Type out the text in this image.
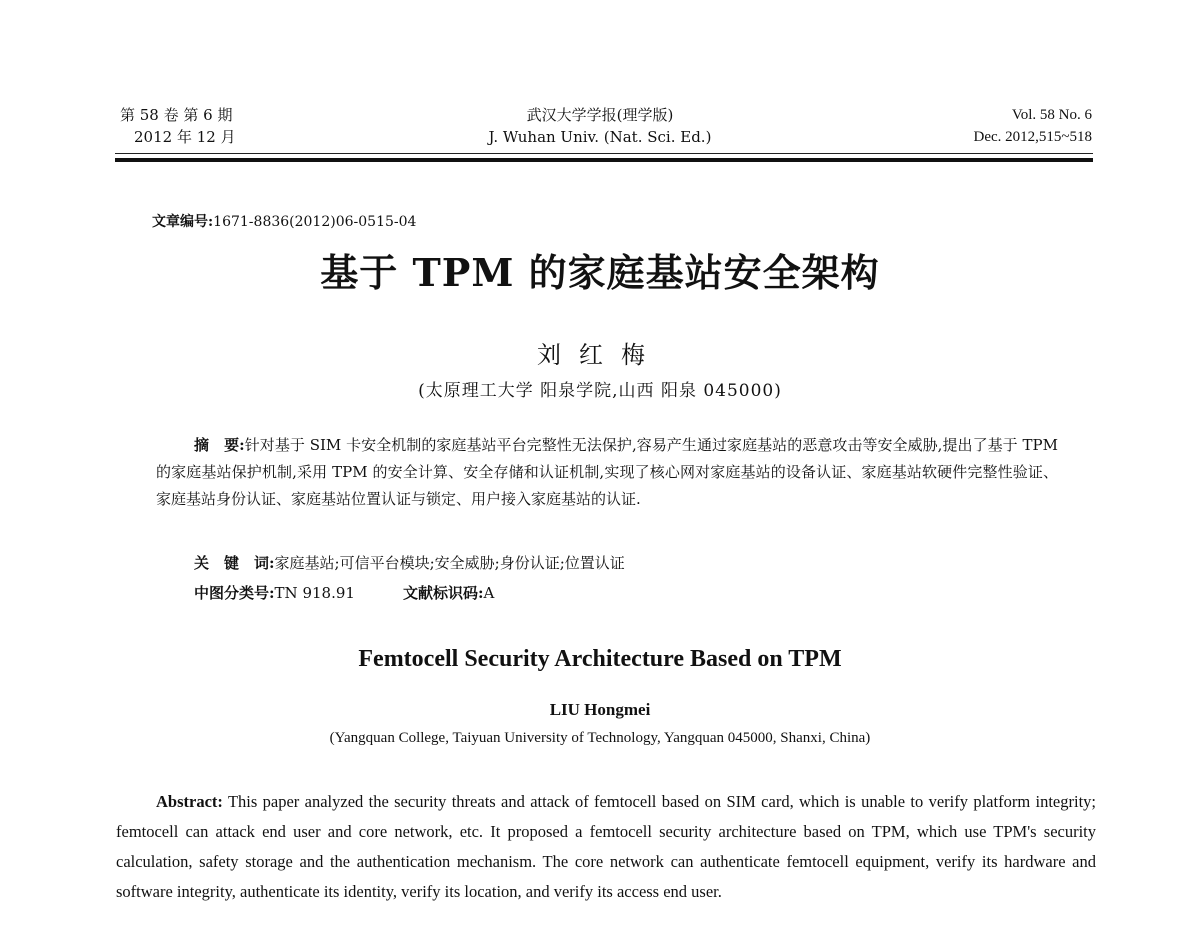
第 58 卷 第 6 期
2012 年 12 月
武汉大学学报(理学版)
J. Wuhan Univ. (Nat. Sci. Ed.)
Vol. 58 No. 6
Dec. 2012,515~518
文章编号:1671-8836(2012)06-0515-04
基于 TPM 的家庭基站安全架构
刘红梅
(太原理工大学 阳泉学院,山西 阳泉 045000)
摘　要:针对基于 SIM 卡安全机制的家庭基站平台完整性无法保护,容易产生通过家庭基站的恶意攻击等安全威胁,提出了基于 TPM 的家庭基站保护机制,采用 TPM 的安全计算、安全存储和认证机制,实现了核心网对家庭基站的设备认证、家庭基站软硬件完整性验证、家庭基站身份认证、家庭基站位置认证与锁定、用户接入家庭基站的认证.
关　键　词:家庭基站;可信平台模块;安全威胁;身份认证;位置认证
中图分类号:TN 918.91	文献标识码:A
Femtocell Security Architecture Based on TPM
LIU Hongmei
(Yangquan College, Taiyuan University of Technology, Yangquan 045000, Shanxi, China)
Abstract: This paper analyzed the security threats and attack of femtocell based on SIM card, which is unable to verify platform integrity; femtocell can attack end user and core network, etc. It proposed a femtocell security architecture based on TPM, which use TPM's security calculation, safety storage and the authentication mechanism. The core network can authenticate femtocell equipment, verify its hardware and software integrity, authenticate its identity, verify its location, and verify its access end user.
